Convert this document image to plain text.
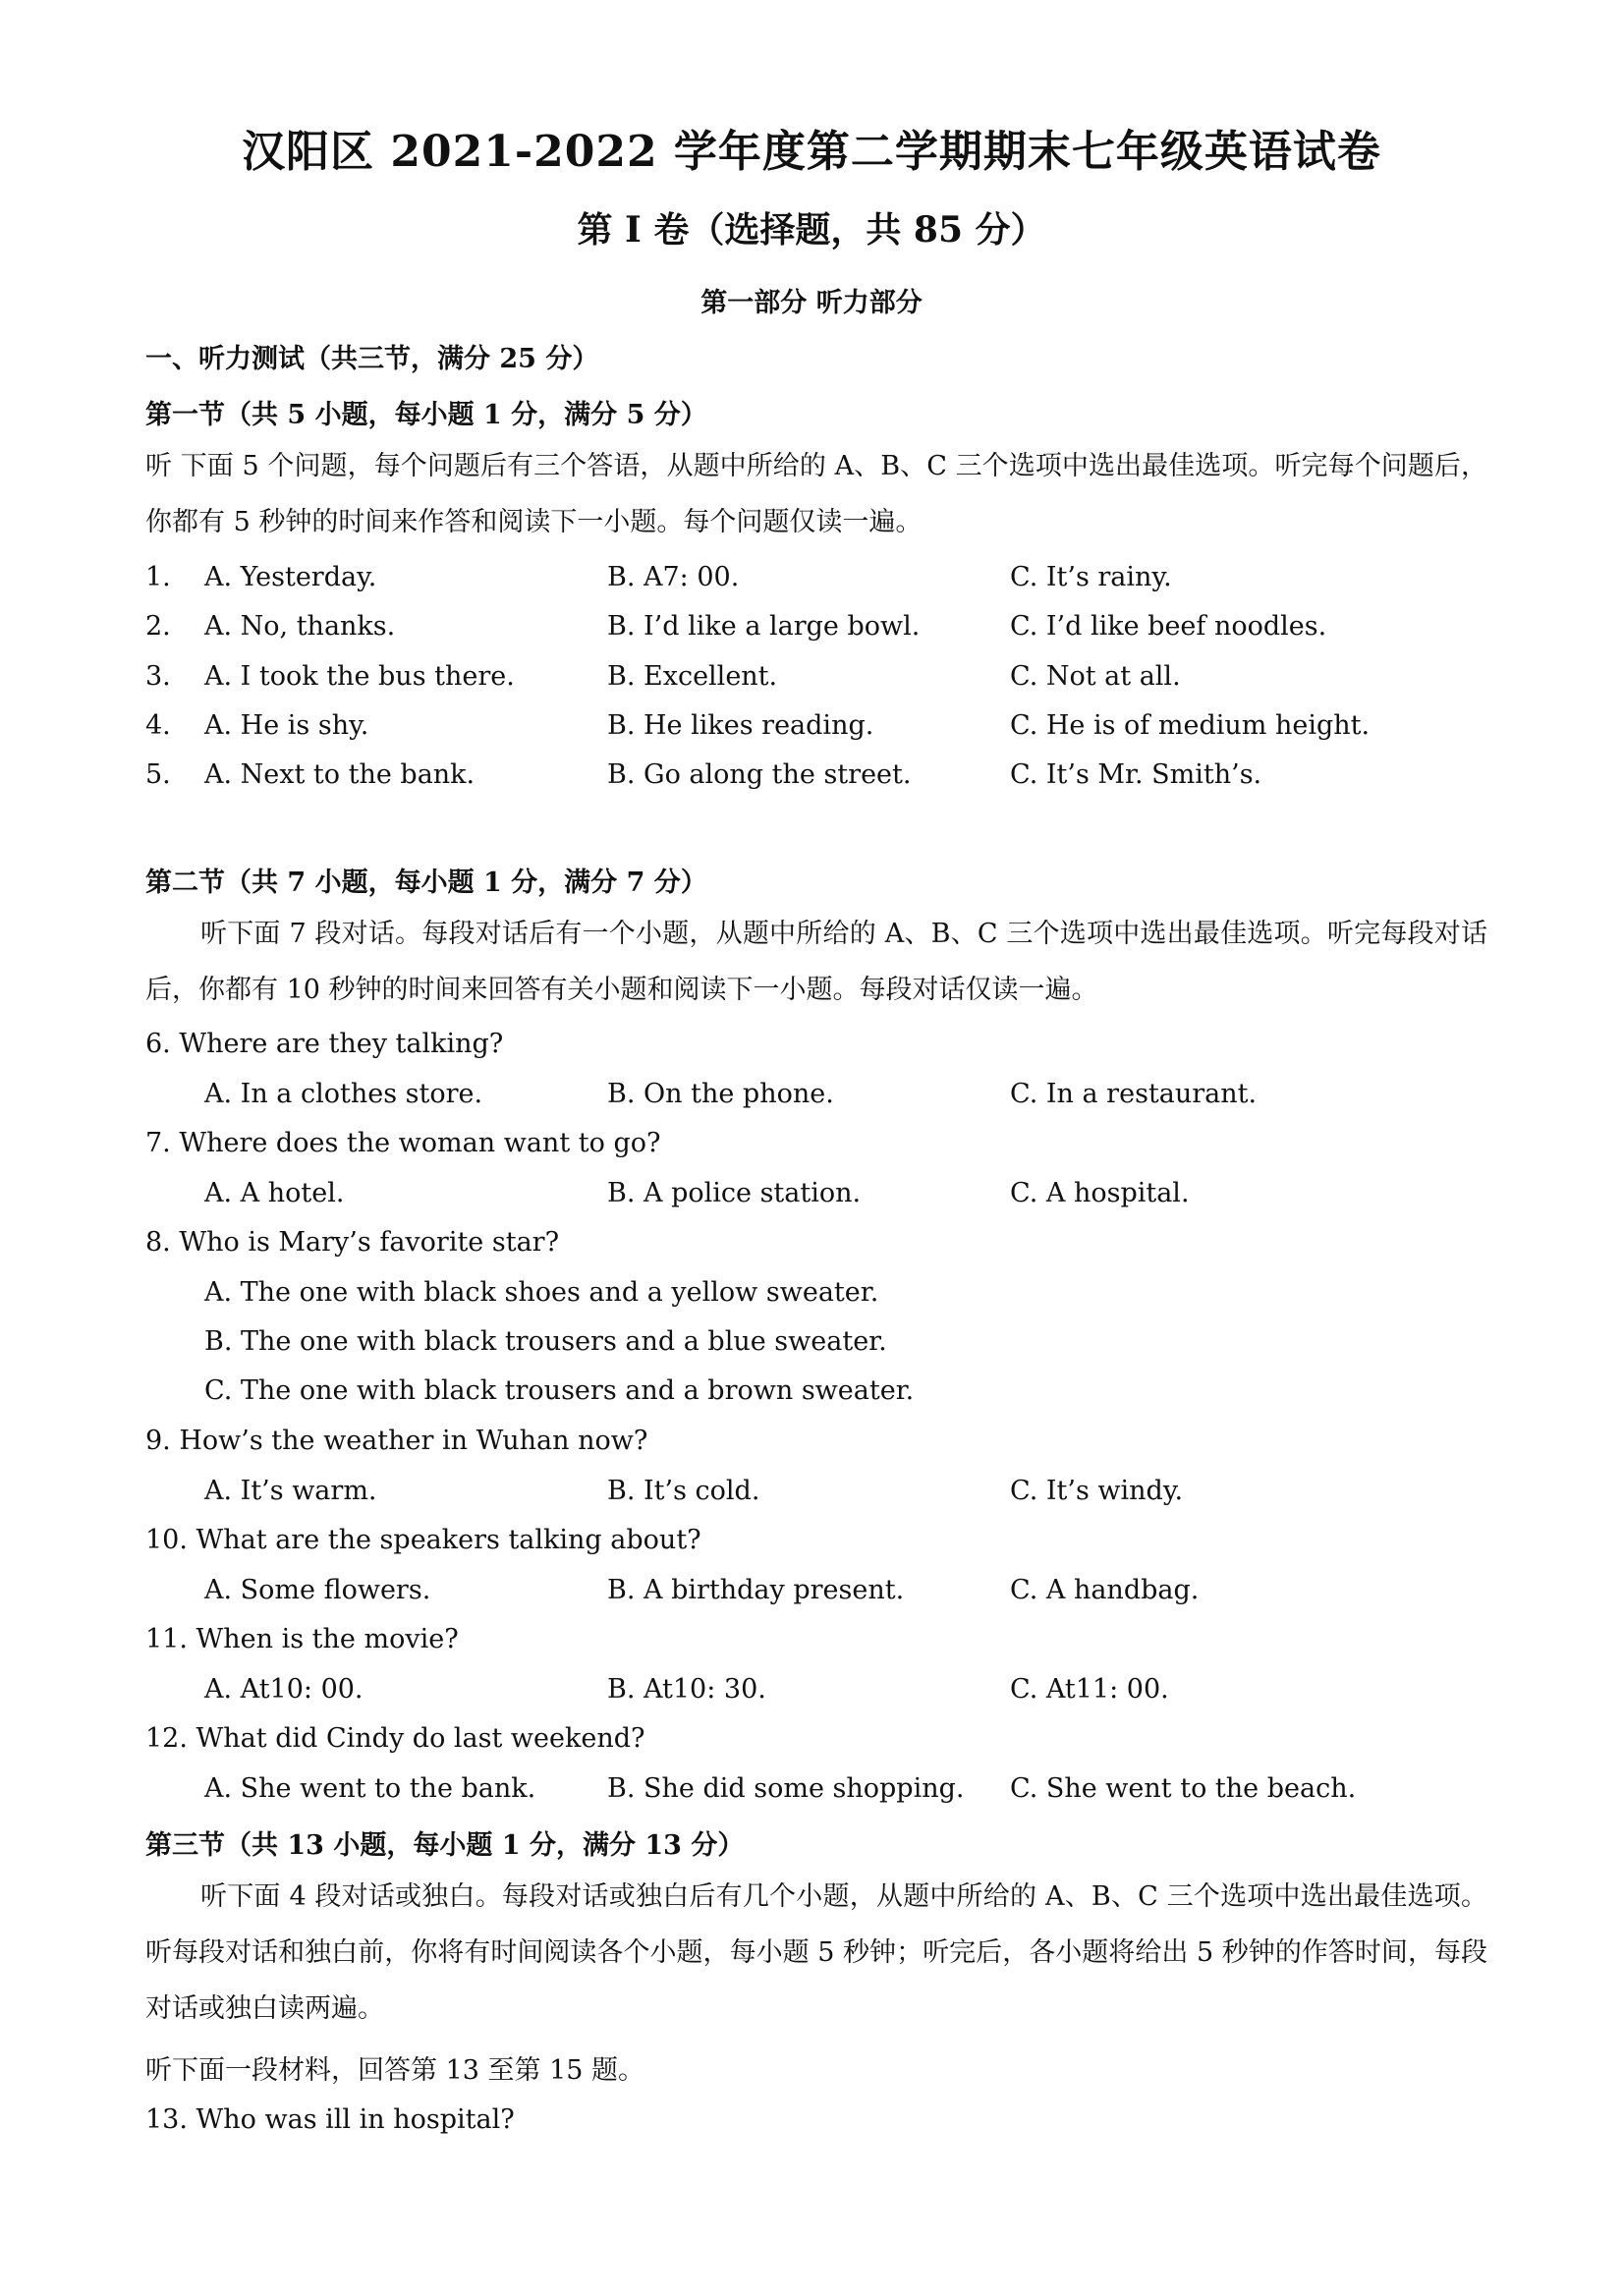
汉阳区 2021-2022 学年度第二学期期末七年级英语试卷
第 I 卷（选择题，共 85 分）
第一部分 听力部分
一、听力测试（共三节，满分 25 分）
第一节（共 5 小题，每小题 1 分，满分 5 分）
听 下面 5 个问题，每个问题后有三个答语，从题中所给的 A、B、C 三个选项中选出最佳选项。听完每个问题后，你都有 5 秒钟的时间来作答和阅读下一小题。每个问题仅读一遍。
1. A. Yesterday.	B. A7: 00.	C. It’s rainy.
2. A. No, thanks.	B. I’d like a large bowl.	C. I’d like beef noodles.
3. A. I took the bus there.	B. Excellent.	C. Not at all.
4. A. He is shy.	B. He likes reading.	C. He is of medium height.
5. A. Next to the bank.	B. Go along the street.	C. It’s Mr. Smith’s.
第二节（共 7 小题，每小题 1 分，满分 7 分）
听下面 7 段对话。每段对话后有一个小题，从题中所给的 A、B、C 三个选项中选出最佳选项。听完每段对话后，你都有 10 秒钟的时间来回答有关小题和阅读下一小题。每段对话仅读一遍。
6. Where are they talking?
A. In a clothes store.	B. On the phone.	C. In a restaurant.
7. Where does the woman want to go?
A. A hotel.	B. A police station.	C. A hospital.
8. Who is Mary’s favorite star?
A. The one with black shoes and a yellow sweater.
B. The one with black trousers and a blue sweater.
C. The one with black trousers and a brown sweater.
9. How’s the weather in Wuhan now?
A. It’s warm.	B. It’s cold.	C. It’s windy.
10. What are the speakers talking about?
A. Some flowers.	B. A birthday present.	C. A handbag.
11. When is the movie?
A. At10: 00.	B. At10: 30.	C. At11: 00.
12. What did Cindy do last weekend?
A. She went to the bank.	B. She did some shopping. C. She went to the beach.
第三节（共 13 小题，每小题 1 分，满分 13 分）
听下面 4 段对话或独白。每段对话或独白后有几个小题，从题中所给的 A、B、C 三个选项中选出最佳选项。听每段对话和独白前，你将有时间阅读各个小题，每小题 5 秒钟；听完后，各小题将给出 5 秒钟的作答时间，每段对话或独白读两遍。
听下面一段材料，回答第 13 至第 15 题。
13. Who was ill in hospital?
